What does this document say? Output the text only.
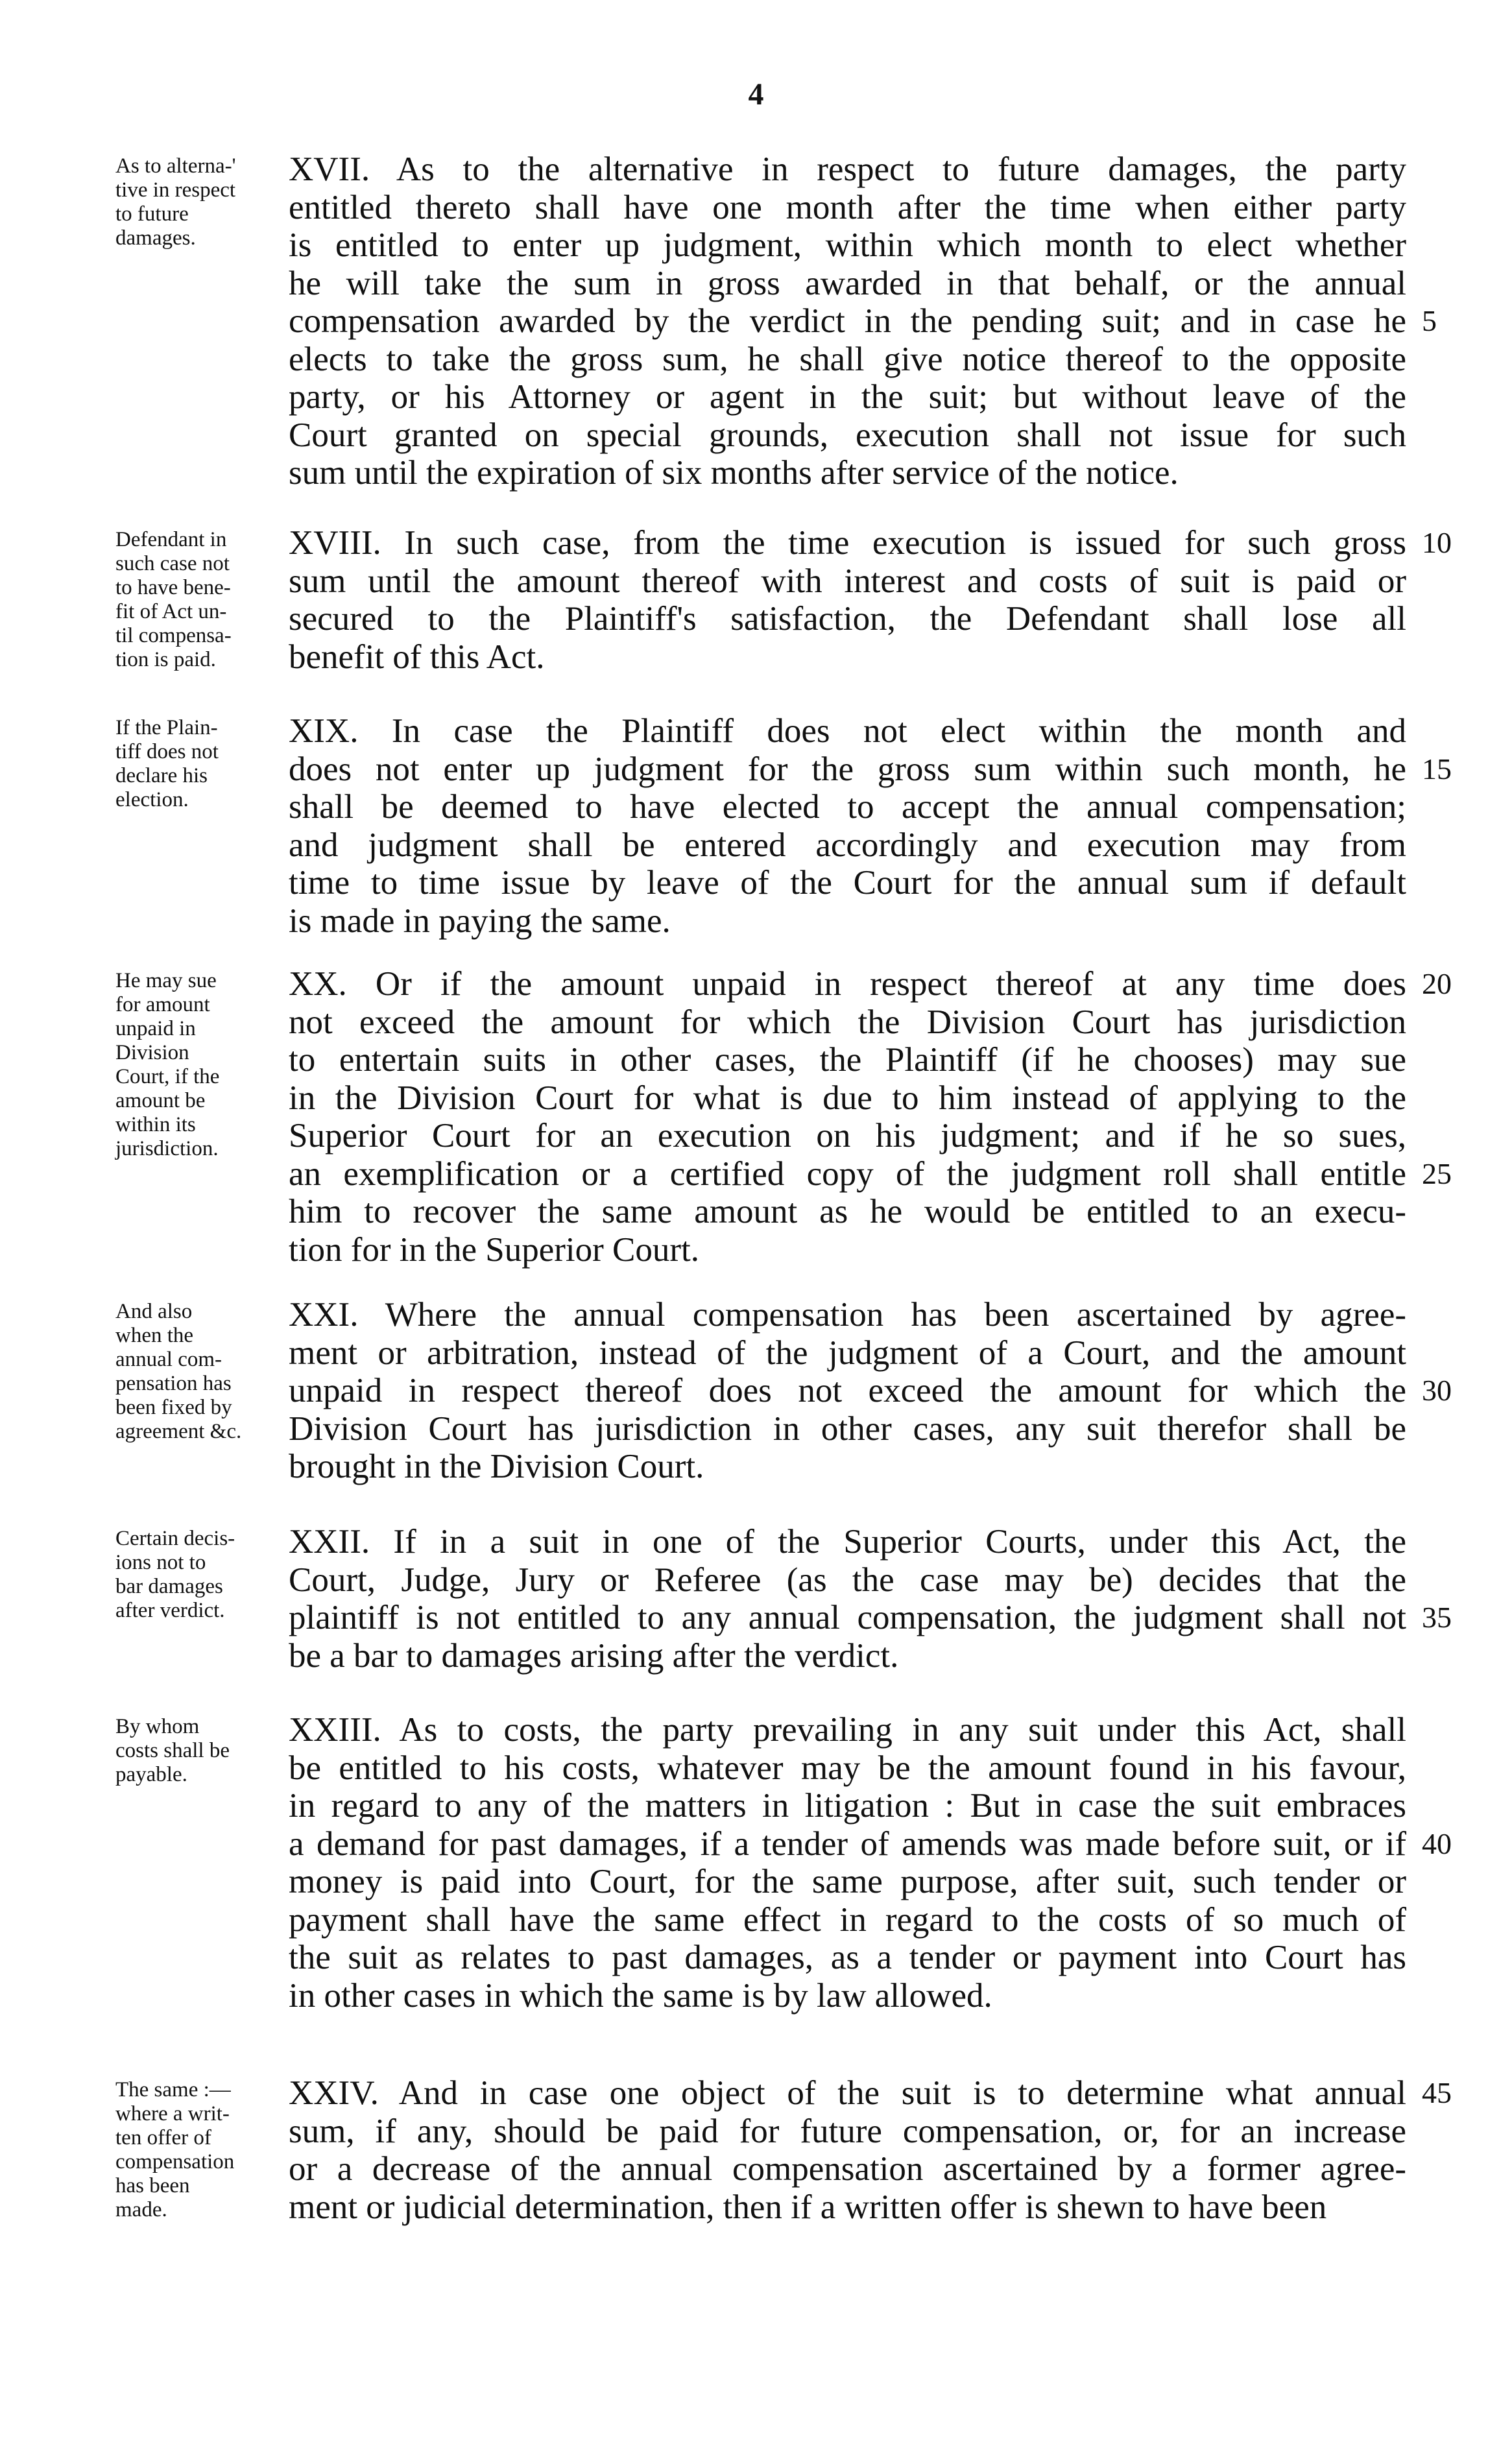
4
As to alterna-'
tive in respect
to future
damages.
XVII. As to the alternative in respect to future damages, the party
entitled thereto shall have one month after the time when either party
is entitled to enter up judgment, within which month to elect whether
he will take the sum in gross awarded in that behalf, or the annual
compensation awarded by the verdict in the pending suit; and in case he
elects to take the gross sum, he shall give notice thereof to the opposite
party, or his Attorney or agent in the suit; but without leave of the
Court granted on special grounds, execution shall not issue for such
sum until the expiration of six months after service of the notice.
5
Defendant in
such case not
to have bene-
fit of Act un-
til compensa-
tion is paid.
XVIII. In such case, from the time execution is issued for such gross
sum until the amount thereof with interest and costs of suit is paid or
secured to the Plaintiff's satisfaction, the Defendant shall lose all
benefit of this Act.
10
If the Plain-
tiff does not
declare his
election.
XIX. In case the Plaintiff does not elect within the month and
does not enter up judgment for the gross sum within such month, he
shall be deemed to have elected to accept the annual compensation;
and judgment shall be entered accordingly and execution may from
time to time issue by leave of the Court for the annual sum if default
is made in paying the same.
15
He may sue
for amount
unpaid in
Division
Court, if the
amount be
within its
jurisdiction.
XX. Or if the amount unpaid in respect thereof at any time does
not exceed the amount for which the Division Court has jurisdiction
to entertain suits in other cases, the Plaintiff (if he chooses) may sue
in the Division Court for what is due to him instead of applying to the
Superior Court for an execution on his judgment; and if he so sues,
an exemplification or a certified copy of the judgment roll shall entitle
him to recover the same amount as he would be entitled to an execu-
tion for in the Superior Court.
20
25
And also
when the
annual com-
pensation has
been fixed by
agreement &c.
XXI. Where the annual compensation has been ascertained by agree-
ment or arbitration, instead of the judgment of a Court, and the amount
unpaid in respect thereof does not exceed the amount for which the
Division Court has jurisdiction in other cases, any suit therefor shall be
brought in the Division Court.
30
Certain decis-
ions not to
bar damages
after verdict.
XXII. If in a suit in one of the Superior Courts, under this Act, the
Court, Judge, Jury or Referee (as the case may be) decides that the
plaintiff is not entitled to any annual compensation, the judgment shall not
be a bar to damages arising after the verdict.
35
By whom
costs shall be
payable.
XXIII. As to costs, the party prevailing in any suit under this Act, shall
be entitled to his costs, whatever may be the amount found in his favour,
in regard to any of the matters in litigation : But in case the suit embraces
a demand for past damages, if a tender of amends was made before suit, or if
money is paid into Court, for the same purpose, after suit, such tender or
payment shall have the same effect in regard to the costs of so much of
the suit as relates to past damages, as a tender or payment into Court has
in other cases in which the same is by law allowed.
40
The same :—
where a writ-
ten offer of
compensation
has been
made.
XXIV. And in case one object of the suit is to determine what annual
sum, if any, should be paid for future compensation, or, for an increase
or a decrease of the annual compensation ascertained by a former agree-
ment or judicial determination, then if a written offer is shewn to have been
45
